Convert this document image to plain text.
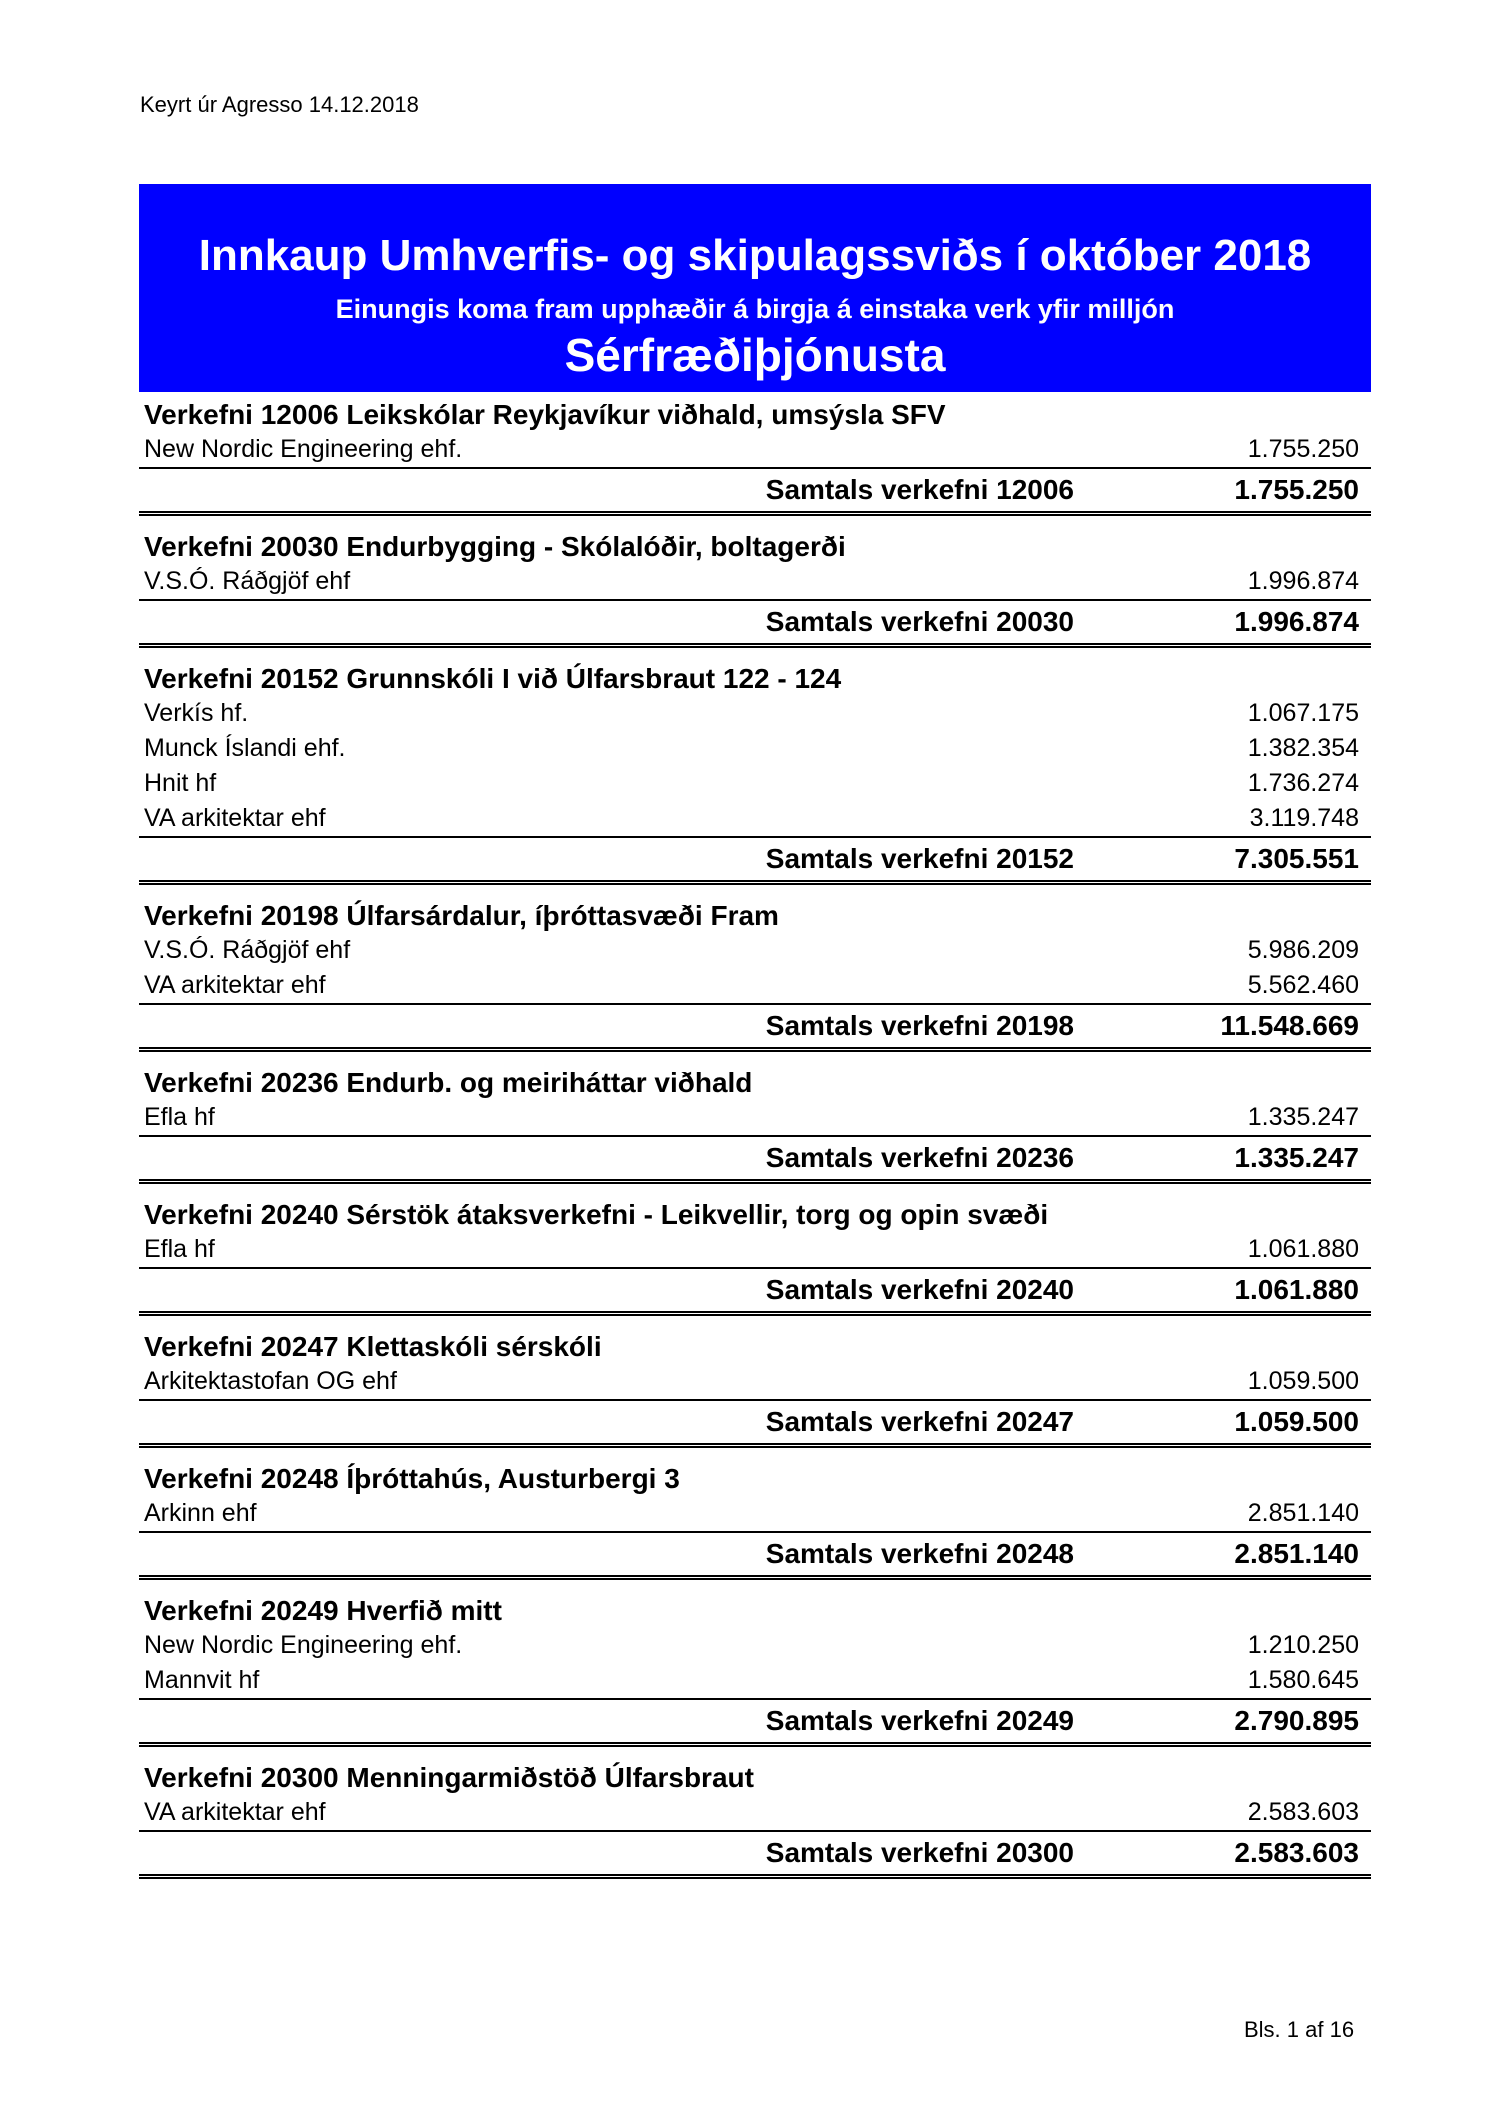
Keyrt úr Agresso 14.12.2018
Innkaup Umhverfis- og skipulagssviðs í október 2018
Einungis koma fram upphæðir á birgja á einstaka verk yfir milljón
Sérfræðiþjónusta
Verkefni 12006 Leikskólar Reykjavíkur viðhald, umsýsla SFV
New Nordic Engineering ehf.	1.755.250
Samtals verkefni 12006	1.755.250
Verkefni 20030 Endurbygging - Skólalóðir, boltagerði
V.S.Ó. Ráðgjöf ehf	1.996.874
Samtals verkefni 20030	1.996.874
Verkefni 20152 Grunnskóli I við Úlfarsbraut 122 - 124
Verkís hf.	1.067.175
Munck Íslandi ehf.	1.382.354
Hnit hf	1.736.274
VA arkitektar ehf	3.119.748
Samtals verkefni 20152	7.305.551
Verkefni 20198 Úlfarsárdalur, íþróttasvæði Fram
V.S.Ó. Ráðgjöf ehf	5.986.209
VA arkitektar ehf	5.562.460
Samtals verkefni 20198	11.548.669
Verkefni 20236 Endurb. og meiriháttar viðhald
Efla hf	1.335.247
Samtals verkefni 20236	1.335.247
Verkefni 20240 Sérstök átaksverkefni - Leikvellir, torg og opin svæði
Efla hf	1.061.880
Samtals verkefni 20240	1.061.880
Verkefni 20247 Klettaskóli sérskóli
Arkitektastofan OG ehf	1.059.500
Samtals verkefni 20247	1.059.500
Verkefni 20248 Íþróttahús, Austurbergi 3
Arkinn ehf	2.851.140
Samtals verkefni 20248	2.851.140
Verkefni 20249 Hverfið mitt
New Nordic Engineering ehf.	1.210.250
Mannvit hf	1.580.645
Samtals verkefni 20249	2.790.895
Verkefni 20300 Menningarmiðstöð Úlfarsbraut
VA arkitektar ehf	2.583.603
Samtals verkefni 20300	2.583.603
Bls. 1 af 16
